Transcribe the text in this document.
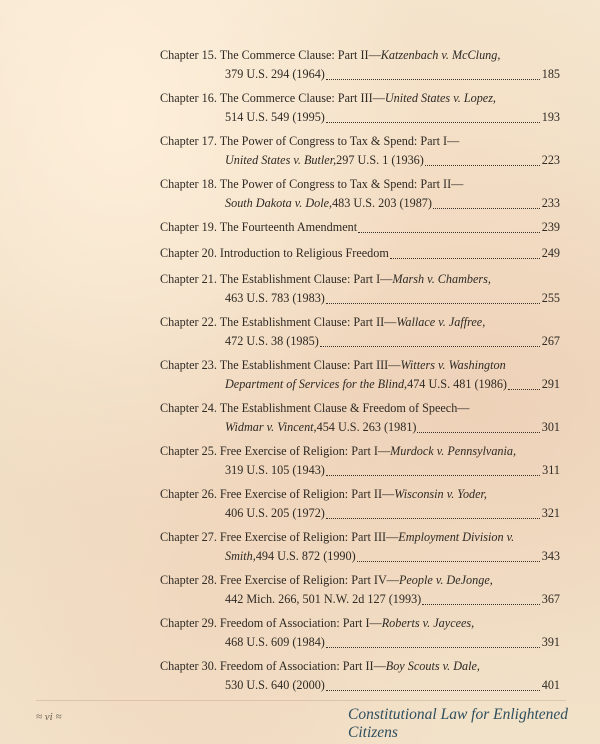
Chapter 15. The Commerce Clause: Part II—Katzenbach v. McClung,
379 U.S. 294 (1964)	185
Chapter 16. The Commerce Clause: Part III—United States v. Lopez,
514 U.S. 549 (1995)	193
Chapter 17. The Power of Congress to Tax & Spend: Part I—
United States v. Butler, 297 U.S. 1 (1936)	223
Chapter 18. The Power of Congress to Tax & Spend: Part II—
South Dakota v. Dole, 483 U.S. 203 (1987)	233
Chapter 19. The Fourteenth Amendment	239
Chapter 20. Introduction to Religious Freedom	249
Chapter 21. The Establishment Clause: Part I—Marsh v. Chambers,
463 U.S. 783 (1983)	255
Chapter 22. The Establishment Clause: Part II—Wallace v. Jaffree,
472 U.S. 38 (1985)	267
Chapter 23. The Establishment Clause: Part III—Witters v. Washington
Department of Services for the Blind, 474 U.S. 481 (1986)	291
Chapter 24. The Establishment Clause & Freedom of Speech—
Widmar v. Vincent, 454 U.S. 263 (1981)	301
Chapter 25. Free Exercise of Religion: Part I—Murdock v. Pennsylvania,
319 U.S. 105 (1943)	311
Chapter 26. Free Exercise of Religion: Part II—Wisconsin v. Yoder,
406 U.S. 205 (1972)	321
Chapter 27. Free Exercise of Religion: Part III—Employment Division v.
Smith, 494 U.S. 872 (1990)	343
Chapter 28. Free Exercise of Religion: Part IV—People v. DeJonge,
442 Mich. 266, 501 N.W. 2d 127 (1993)	367
Chapter 29. Freedom of Association: Part I—Roberts v. Jaycees,
468 U.S. 609 (1984)	391
Chapter 30. Freedom of Association: Part II—Boy Scouts v. Dale,
530 U.S. 640 (2000)	401
≈ vi ≈	Constitutional Law for Enlightened Citizens
